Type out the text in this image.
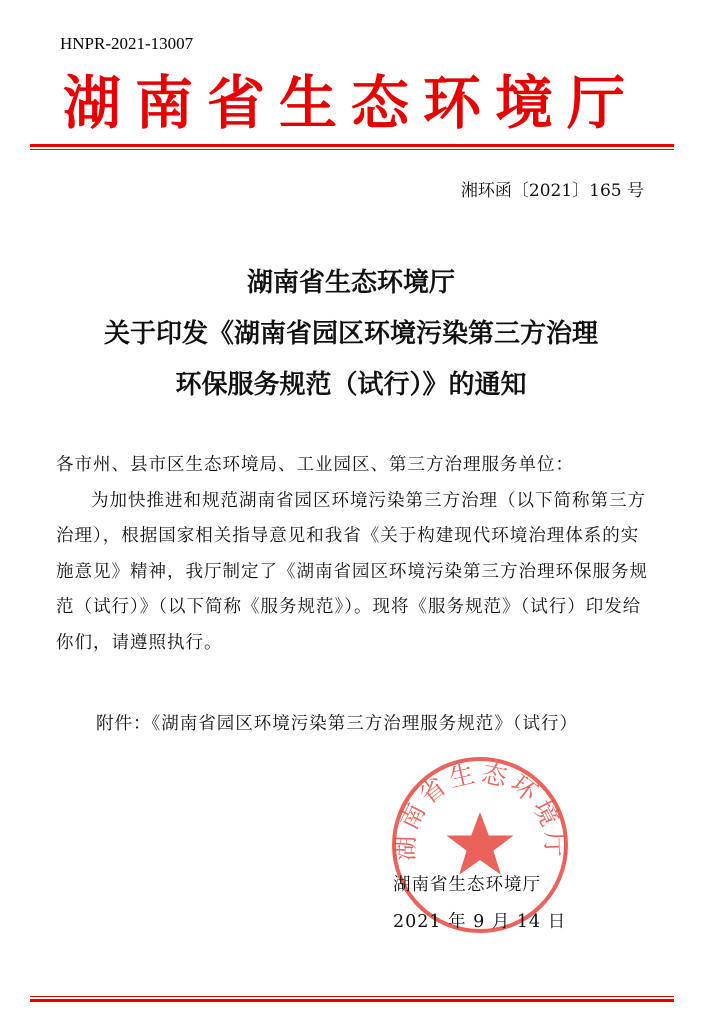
HNPR-2021-13007
湖南省生态环境厅
湘环函〔2021〕165 号
湖南省生态环境厅
关于印发《湖南省园区环境污染第三方治理
环保服务规范（试行）》的通知

各市州、县市区生态环境局、工业园区、第三方治理服务单位：

为加快推进和规范湖南省园区环境污染第三方治理（以下简称第三方治理），根据国家相关指导意见和我省《关于构建现代环境治理体系的实施意见》精神，我厅制定了《湖南省园区环境污染第三方治理环保服务规范（试行）》（以下简称《服务规范》）。现将《服务规范》（试行）印发给你们，请遵照执行。

附件：《湖南省园区环境污染第三方治理服务规范》（试行）
湖南省生态环境厅
湖南省生态环境厅
2021 年 9 月 14 日
